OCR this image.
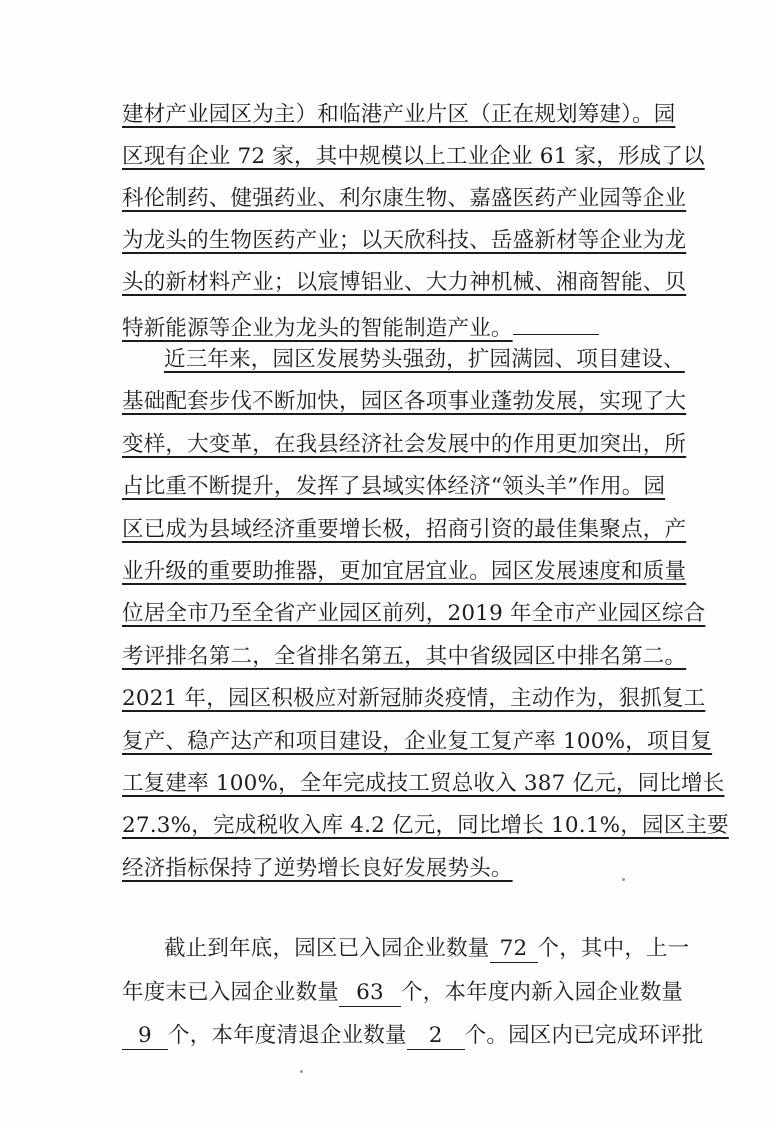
建材产业园区为主）和临港产业片区（正在规划筹建）。园
区现有企业 72 家，其中规模以上工业企业 61 家，形成了以
科伦制药、健强药业、利尔康生物、嘉盛医药产业园等企业
为龙头的生物医药产业；以天欣科技、岳盛新材等企业为龙
头的新材料产业；以宸博铝业、大力神机械、湘商智能、贝
特新能源等企业为龙头的智能制造产业。
近三年来，园区发展势头强劲，扩园满园、项目建设、
基础配套步伐不断加快，园区各项事业蓬勃发展，实现了大
变样，大变革，在我县经济社会发展中的作用更加突出，所
占比重不断提升，发挥了县域实体经济“领头羊”作用。园
区已成为县域经济重要增长极，招商引资的最佳集聚点，产
业升级的重要助推器，更加宜居宜业。园区发展速度和质量
位居全市乃至全省产业园区前列，2019 年全市产业园区综合
考评排名第二，全省排名第五，其中省级园区中排名第二。
2021 年，园区积极应对新冠肺炎疫情，主动作为，狠抓复工
复产、稳产达产和项目建设，企业复工复产率 100%，项目复
工复建率 100%，全年完成技工贸总收入 387 亿元，同比增长
27.3%，完成税收入库 4.2 亿元，同比增长 10.1%，园区主要
经济指标保持了逆势增长良好发展势头。
截止到年底，园区已入园企业数量 72 个，其中，上一
年度末已入园企业数量 63 个，本年度内新入园企业数量
9 个，本年度清退企业数量 2 个。园区内已完成环评批
